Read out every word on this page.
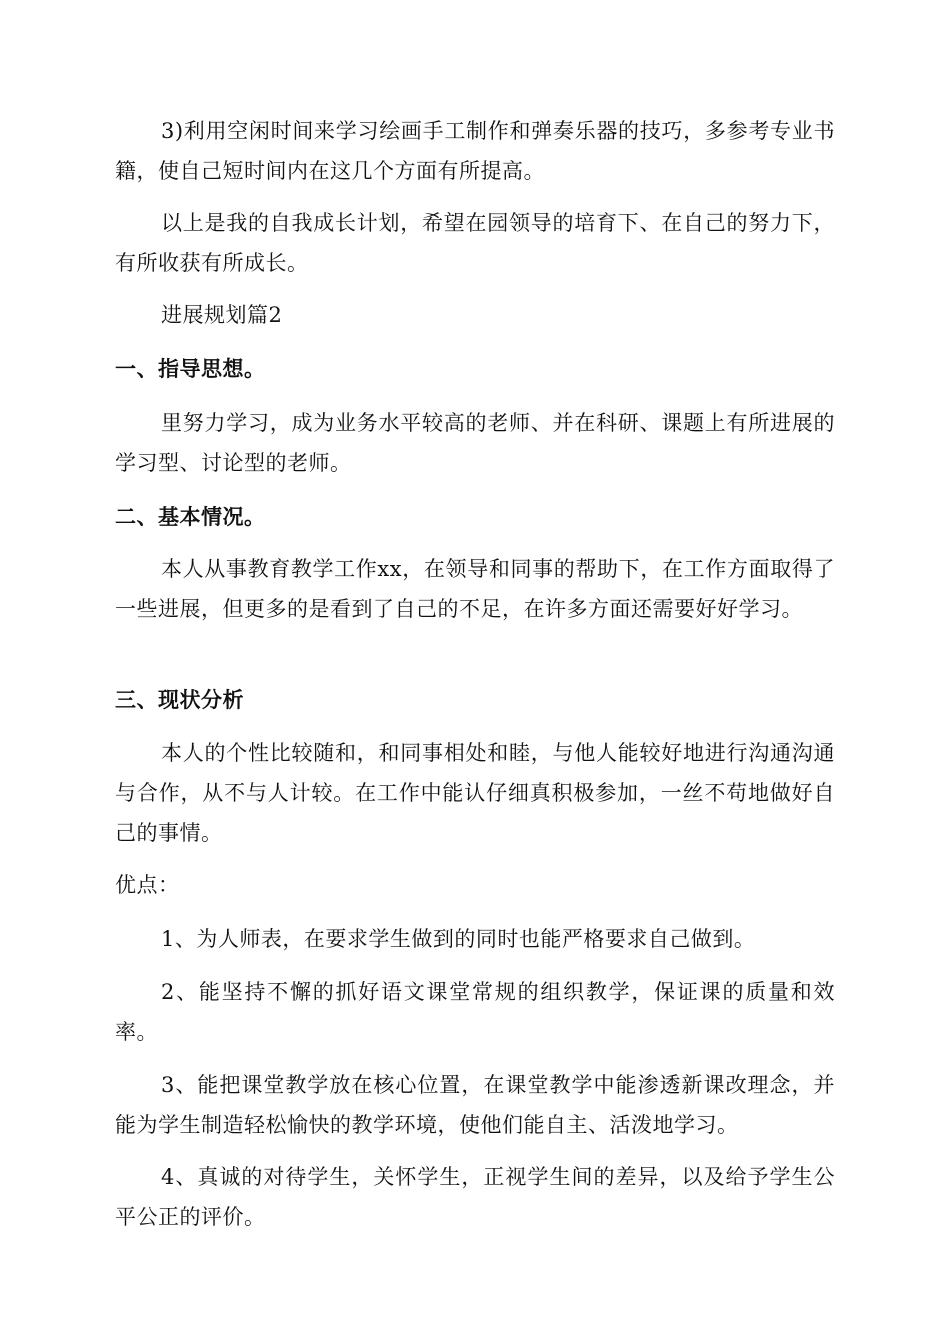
3)利用空闲时间来学习绘画手工制作和弹奏乐器的技巧，多参考专业书籍，使自己短时间内在这几个方面有所提高。

以上是我的自我成长计划，希望在园领导的培育下、在自己的努力下，有所收获有所成长。

进展规划篇2

一、指导思想。

里努力学习，成为业务水平较高的老师、并在科研、课题上有所进展的学习型、讨论型的老师。

二、基本情况。

本人从事教育教学工作xx，在领导和同事的帮助下，在工作方面取得了一些进展，但更多的是看到了自己的不足，在许多方面还需要好好学习。

三、现状分析

本人的个性比较随和，和同事相处和睦，与他人能较好地进行沟通沟通与合作，从不与人计较。在工作中能认仔细真积极参加，一丝不苟地做好自己的事情。

优点：

1、为人师表，在要求学生做到的同时也能严格要求自己做到。

2、能坚持不懈的抓好语文课堂常规的组织教学，保证课的质量和效率。

3、能把课堂教学放在核心位置，在课堂教学中能渗透新课改理念，并能为学生制造轻松愉快的教学环境，使他们能自主、活泼地学习。

4、真诚的对待学生，关怀学生，正视学生间的差异，以及给予学生公平公正的评价。
